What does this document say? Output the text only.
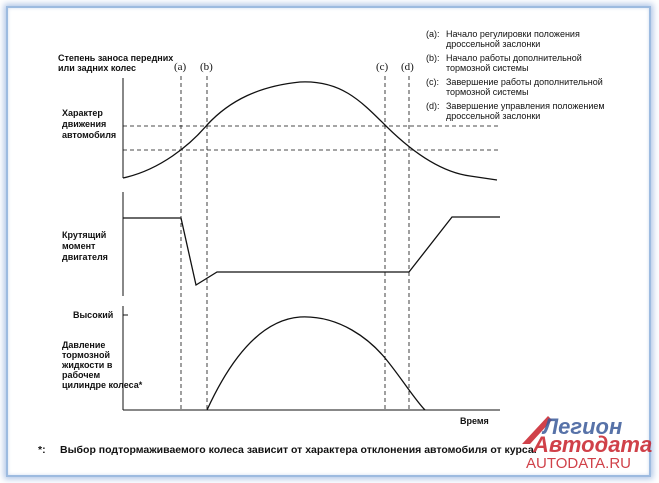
(a) (b)	(c) (d)
Степень заноса передних
или задних колес
Характер
движения
автомобиля
Крутящий
момент
двигателя
Высокий
Давление
тормозной
жидкости в
рабочем
цилиндре колеса*
Время
(a): Начало регулировки положения
дроссельной заслонки
(b): Начало работы дополнительной
тормозной системы
(c): Завершение работы дополнительной
тормозной системы
(d): Завершение управления положением
дроссельной заслонки
*: Выбор подтормаживаемого колеса зависит от характера отклонения автомобиля от курса.
Легион
Автодата
AUTODATA.RU
